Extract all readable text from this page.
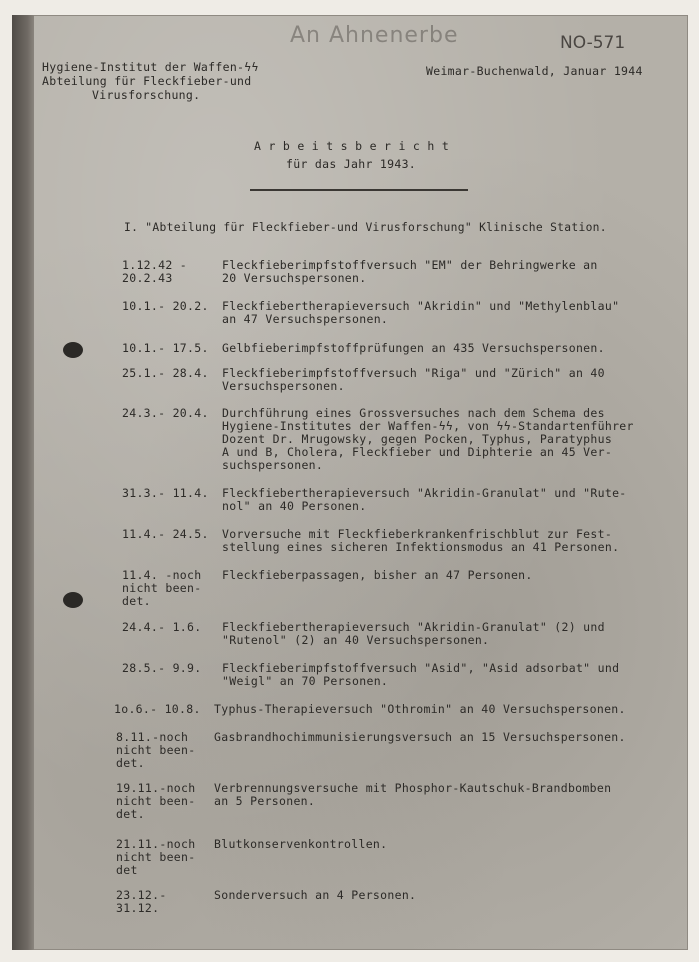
An Ahnenerbe	NO-571
Hygiene-Institut der Waffen-ϟϟ
Abteilung für Fleckfieber-und
Virusforschung.
Weimar-Buchenwald, Januar 1944
A r b e i t s b e r i c h t
für das Jahr 1943.
I. "Abteilung für Fleckfieber-und Virusforschung" Klinische Station.
1.12.42 -
20.2.43
Fleckfieberimpfstoffversuch "EM" der Behringwerke an
20 Versuchspersonen.
10.1.- 20.2. Fleckfiebertherapieversuch "Akridin" und "Methylenblau"
an 47 Versuchspersonen.
10.1.- 17.5. Gelbfieberimpfstoffprüfungen an 435 Versuchspersonen.
25.1.- 28.4. Fleckfieberimpfstoffversuch "Riga" und "Zürich" an 40
Versuchspersonen.
24.3.- 20.4. Durchführung eines Grossversuches nach dem Schema des
Hygiene-Institutes der Waffen-ϟϟ, von ϟϟ-Standartenführer
Dozent Dr. Mrugowsky, gegen Pocken, Typhus, Paratyphus
A und B, Cholera, Fleckfieber und Diphterie an 45 Ver-
suchspersonen.
31.3.- 11.4. Fleckfiebertherapieversuch "Akridin-Granulat" und "Rute-
nol" an 40 Personen.
11.4.- 24.5. Vorversuche mit Fleckfieberkrankenfrischblut zur Fest-
stellung eines sicheren Infektionsmodus an 41 Personen.
11.4. -noch
nicht been-
det.
Fleckfieberpassagen, bisher an 47 Personen.
24.4.- 1.6. Fleckfiebertherapieversuch "Akridin-Granulat" (2) und
"Rutenol" (2) an 40 Versuchspersonen.
28.5.- 9.9. Fleckfieberimpfstoffversuch "Asid", "Asid adsorbat" und
"Weigl" an 70 Personen.
1o.6.- 10.8. Typhus-Therapieversuch "Othromin" an 40 Versuchspersonen.
8.11.-noch
nicht been-
det.
Gasbrandhochimmunisierungsversuch an 15 Versuchspersonen.
19.11.-noch
nicht been-
det.
Verbrennungsversuche mit Phosphor-Kautschuk-Brandbomben
an 5 Personen.
21.11.-noch
nicht been-
det
Blutkonservenkontrollen.
23.12.-
31.12.
Sonderversuch an 4 Personen.
